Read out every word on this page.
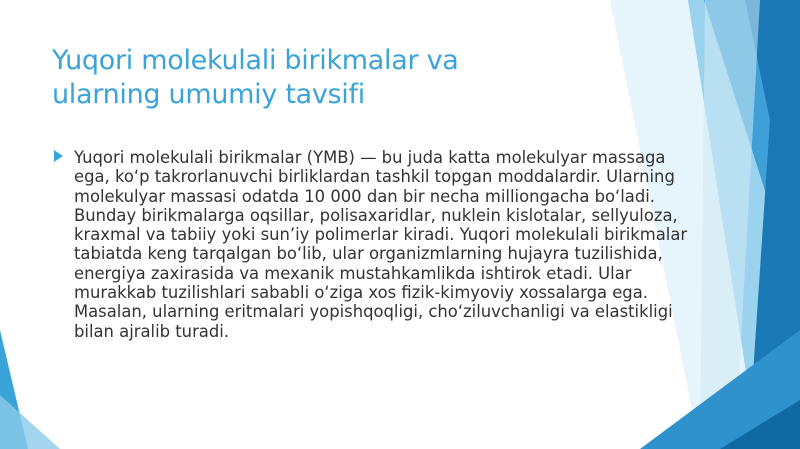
Yuqori molekulali birikmalar va ularning umumiy tavsifi
Yuqori molekulali birikmalar (YMB) — bu juda katta molekulyar massaga ega, ko‘p takrorlanuvchi birliklardan tashkil topgan moddalardir. Ularning molekulyar massasi odatda 10 000 dan bir necha milliongacha bo‘ladi. Bunday birikmalarga oqsillar, polisaxaridlar, nuklein kislotalar, sellyuloza, kraxmal va tabiiy yoki sun’iy polimerlar kiradi. Yuqori molekulali birikmalar tabiatda keng tarqalgan bo‘lib, ular organizmlarning hujayra tuzilishida, energiya zaxirasida va mexanik mustahkamlikda ishtirok etadi. Ular murakkab tuzilishlari sababli o‘ziga xos fizik-kimyoviy xossalarga ega. Masalan, ularning eritmalari yopishqoqligi, cho‘ziluvchanligi va elastikligi bilan ajralib turadi.
